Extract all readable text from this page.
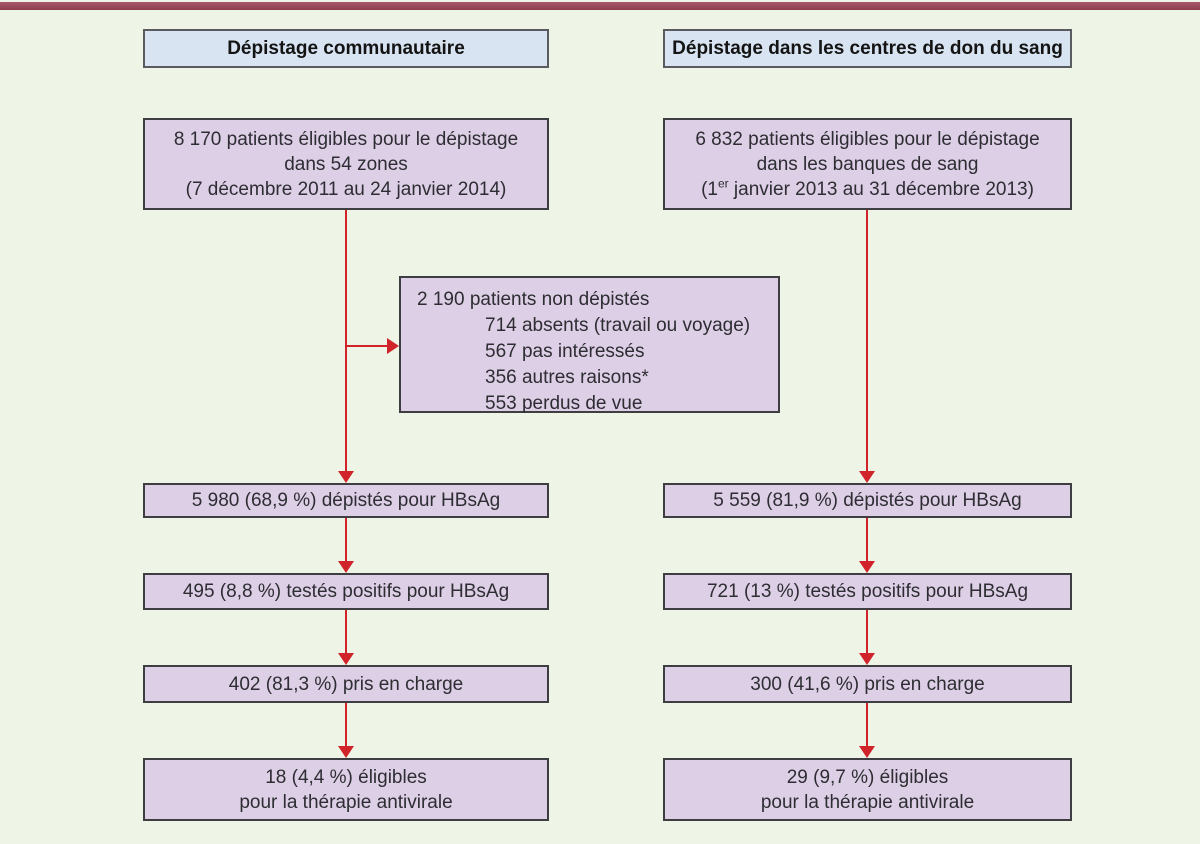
Dépistage communautaire
8 170 patients éligibles pour le dépistage
dans 54 zones
(7 décembre 2011 au 24 janvier 2014)
5 980 (68,9 %) dépistés pour HBsAg
495 (8,8 %) testés positifs pour HBsAg
402 (81,3 %) pris en charge
18 (4,4 %) éligibles
pour la thérapie antivirale
Dépistage dans les centres de don du sang
6 832 patients éligibles pour le dépistage
dans les banques de sang
(1er janvier 2013 au 31 décembre 2013)
5 559 (81,9 %) dépistés pour HBsAg
721 (13 %) testés positifs pour HBsAg
300 (41,6 %) pris en charge
29 (9,7 %) éligibles
pour la thérapie antivirale
2 190 patients non dépistés
714 absents (travail ou voyage)
567 pas intéressés
356 autres raisons*
553 perdus de vue
